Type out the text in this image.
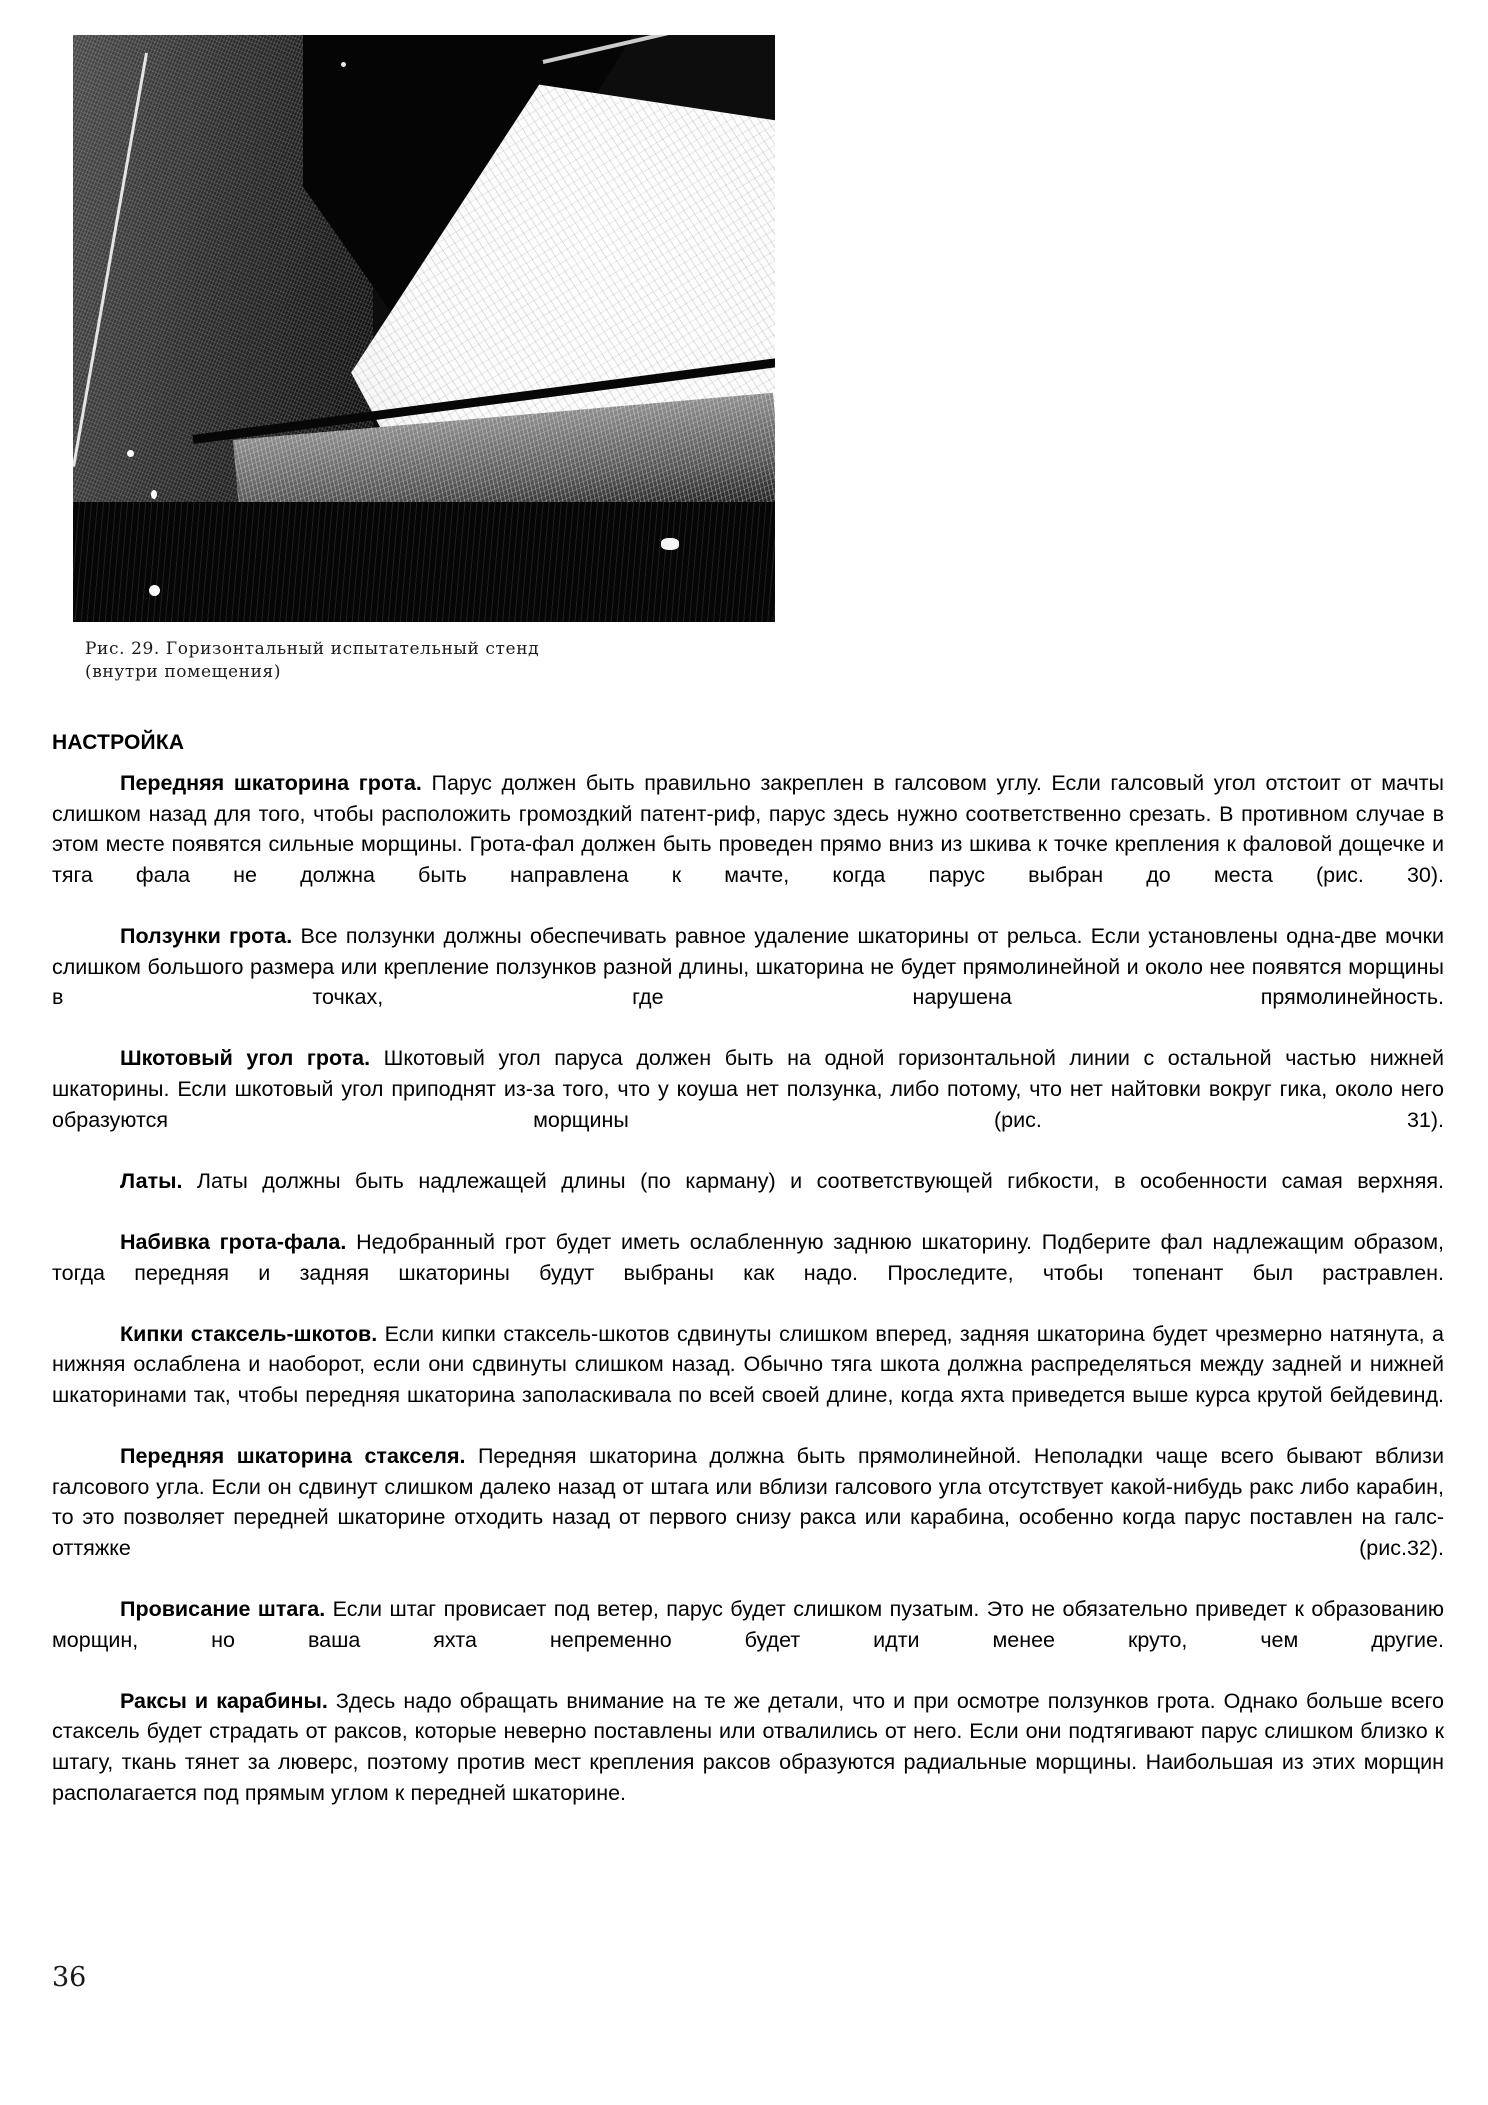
Рис. 29. Горизонтальный испытательный стенд
(внутри помещения)
НАСТРОЙКА

Передняя шкаторина грота. Парус должен быть правильно закреплен в галсовом углу. Если галсовый угол отстоит от мачты слишком назад для того, чтобы расположить громоздкий патент-риф, парус здесь нужно соответственно срезать. В противном случае в этом месте появятся сильные морщины. Грота-фал должен быть проведен прямо вниз из шкива к точке крепления к фаловой дощечке и тяга фала не должна быть направлена к мачте, когда парус выбран до места (рис. 30).

Ползунки грота. Все ползунки должны обеспечивать равное удаление шкаторины от рельса. Если установлены одна-две мочки слишком большого размера или крепление ползунков разной длины, шкаторина не будет прямолинейной и около нее появятся морщины в точках, где нарушена прямолинейность.

Шкотовый угол грота. Шкотовый угол паруса должен быть на одной горизонтальной линии с остальной частью нижней шкаторины. Если шкотовый угол приподнят из-за того, что у коуша нет ползунка, либо потому, что нет найтовки вокруг гика, около него образуются морщины (рис. 31).

Латы. Латы должны быть надлежащей длины (по карману) и соответствующей гибкости, в особенности самая верхняя.

Набивка грота-фала. Недобранный грот будет иметь ослабленную заднюю шкаторину. Подберите фал надлежащим образом, тогда передняя и задняя шкаторины будут выбраны как надо. Проследите, чтобы топенант был растравлен.

Кипки стаксель-шкотов. Если кипки стаксель-шкотов сдвинуты слишком вперед, задняя шкаторина будет чрезмерно натянута, а нижняя ослаблена и наоборот, если они сдвинуты слишком назад. Обычно тяга шкота должна распределяться между задней и нижней шкаторинами так, чтобы передняя шкаторина заполаскивала по всей своей длине, когда яхта приведется выше курса крутой бейдевинд.

Передняя шкаторина стакселя. Передняя шкаторина должна быть прямолинейной. Неполадки чаще всего бывают вблизи галсового угла. Если он сдвинут слишком далеко назад от штага или вблизи галсового угла отсутствует какой-нибудь ракс либо карабин, то это позволяет передней шкаторине отходить назад от первого снизу ракса или карабина, особенно когда парус поставлен на галс-оттяжке (рис.32).

Провисание штага. Если штаг провисает под ветер, парус будет слишком пузатым. Это не обязательно приведет к образованию морщин, но ваша яхта непременно будет идти менее круто, чем другие.

Раксы и карабины. Здесь надо обращать внимание на те же детали, что и при осмотре ползунков грота. Однако больше всего стаксель будет страдать от раксов, которые неверно поставлены или отвалились от него. Если они подтягивают парус слишком близко к штагу, ткань тянет за люверс, поэтому против мест крепления раксов образуются радиальные морщины. Наибольшая из этих морщин располагается под прямым углом к передней шкаторине.

36
